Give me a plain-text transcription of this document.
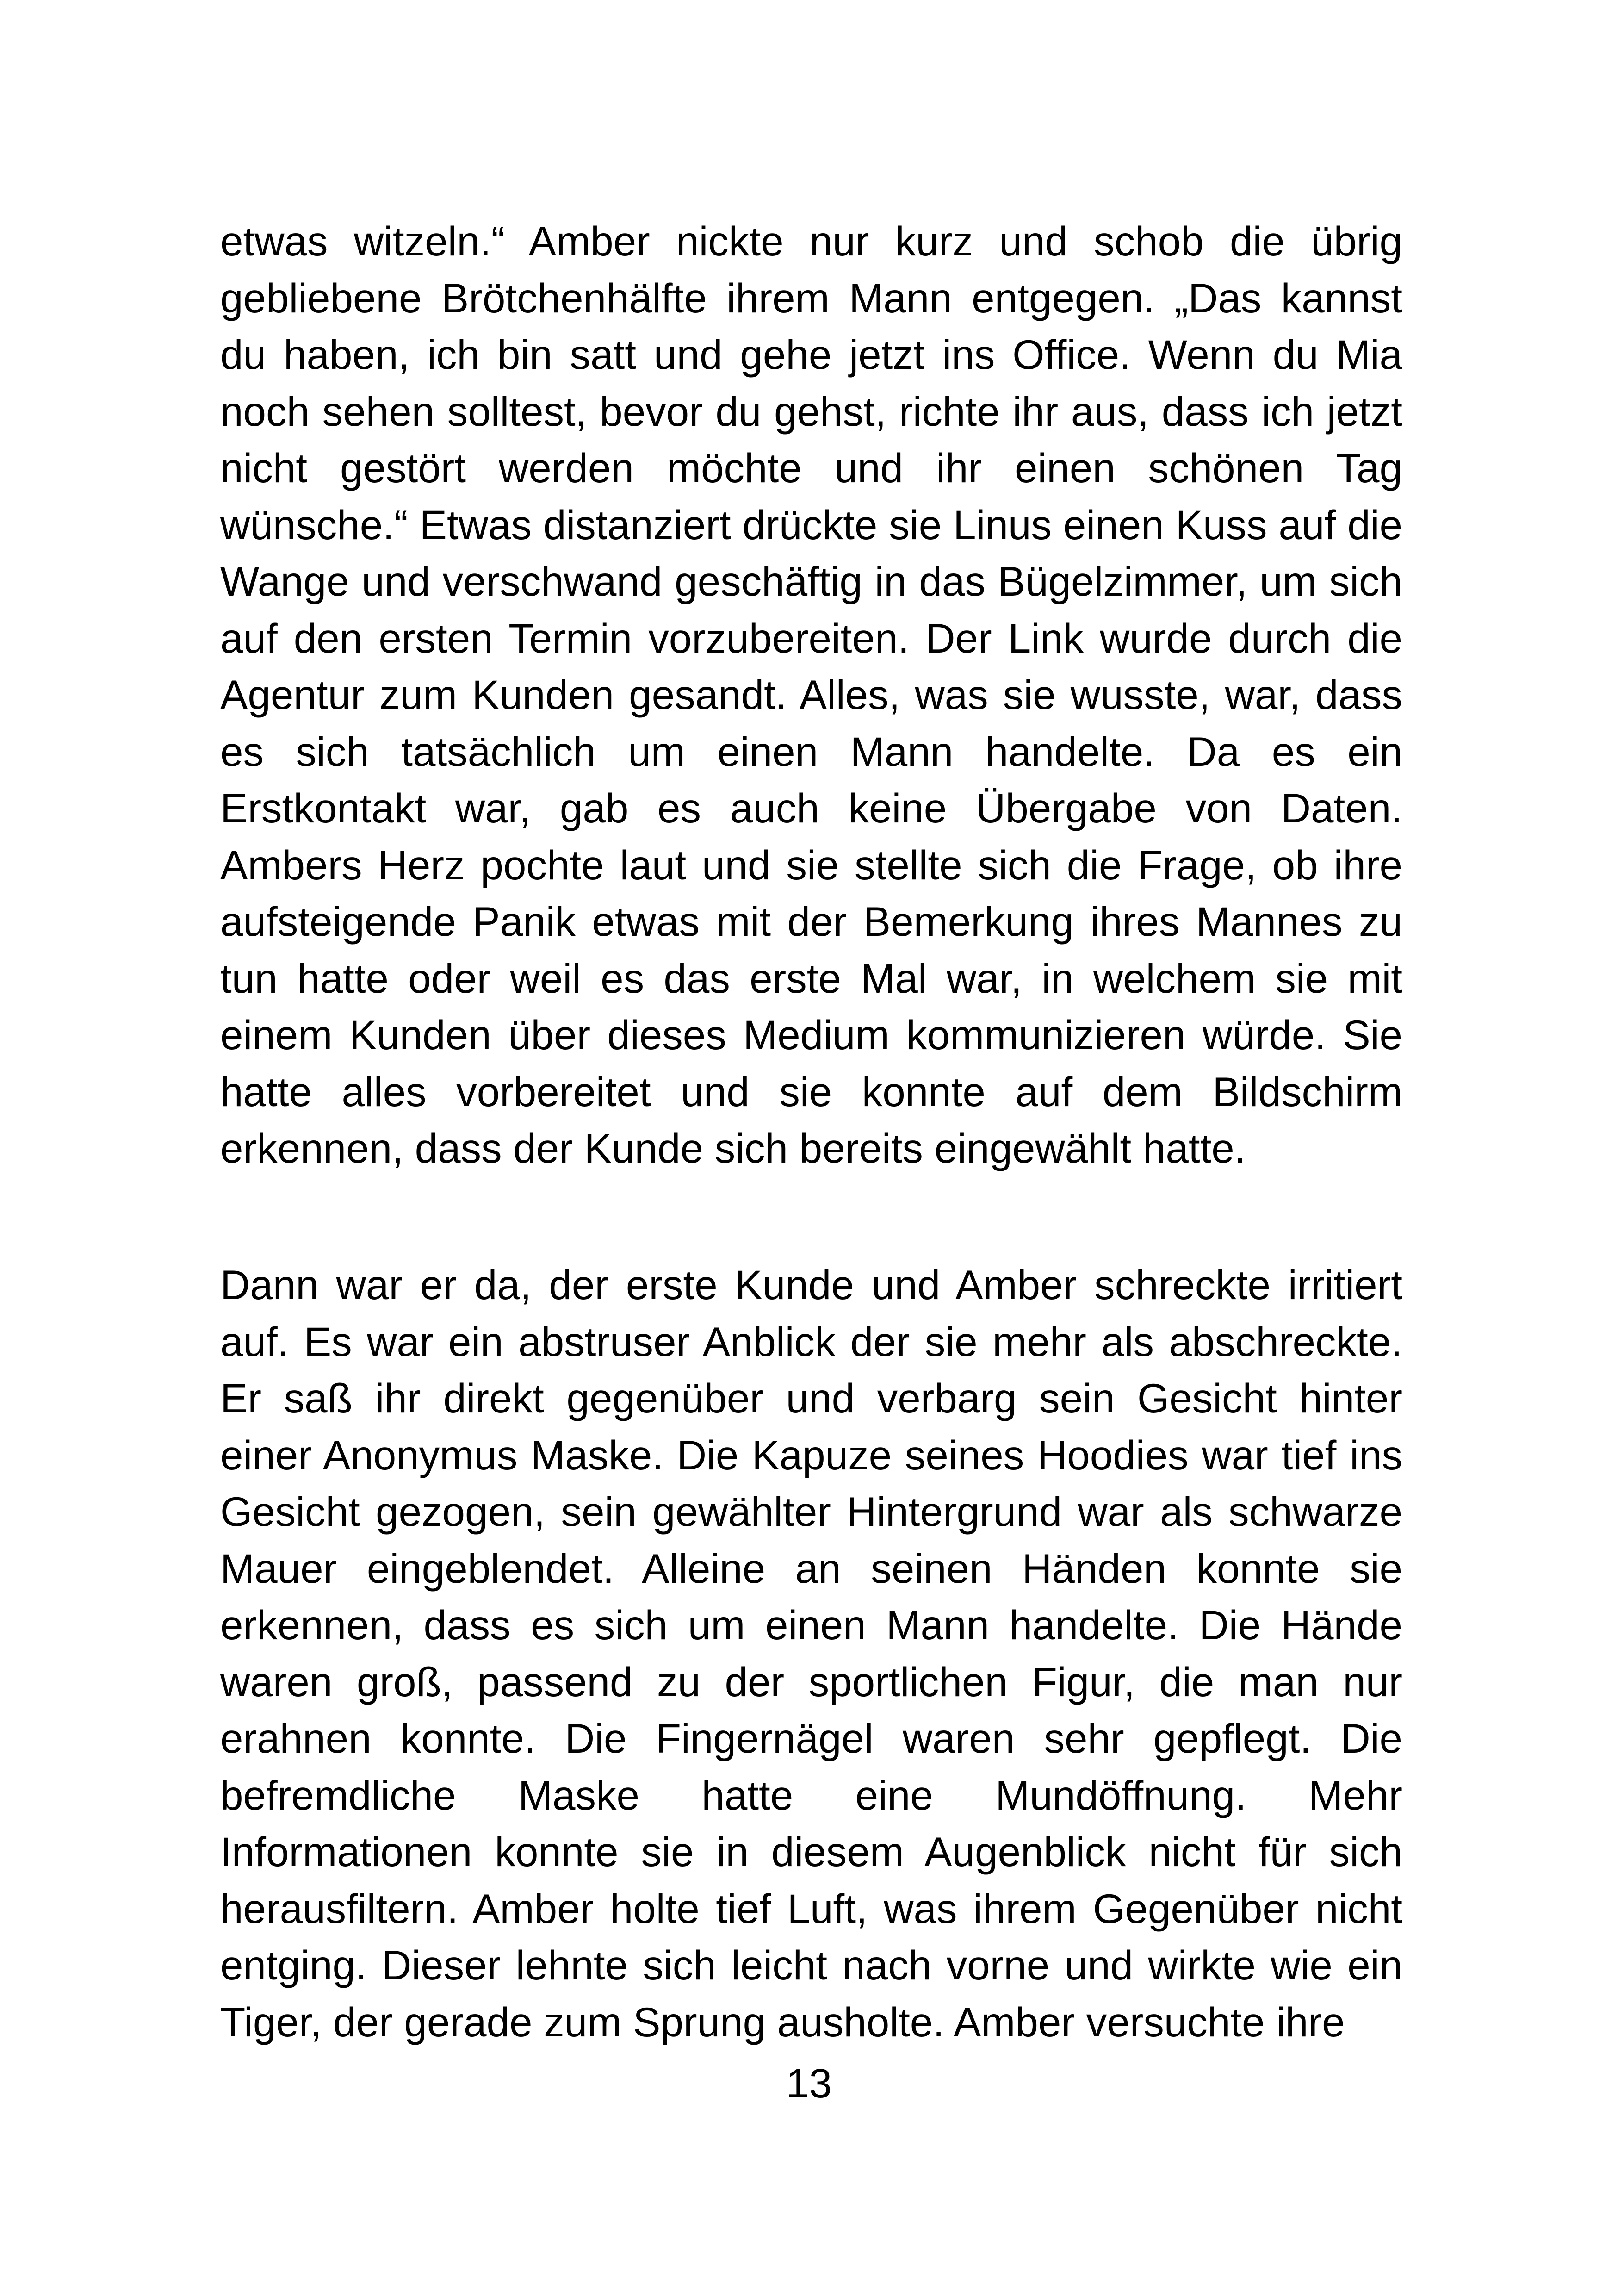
etwas witzeln.“ Amber nickte nur kurz und schob die übrig gebliebene Brötchenhälfte ihrem Mann entgegen. „Das kannst du haben, ich bin satt und gehe jetzt ins Office. Wenn du Mia noch sehen solltest, bevor du gehst, richte ihr aus, dass ich jetzt nicht gestört werden möchte und ihr einen schönen Tag wünsche.“ Etwas distanziert drückte sie Linus einen Kuss auf die Wange und verschwand geschäftig in das Bügelzimmer, um sich auf den ersten Termin vorzubereiten. Der Link wurde durch die Agentur zum Kunden gesandt. Alles, was sie wusste, war, dass es sich tatsächlich um einen Mann handelte. Da es ein Erstkontakt war, gab es auch keine Übergabe von Daten. Ambers Herz pochte laut und sie stellte sich die Frage, ob ihre aufsteigende Panik etwas mit der Bemerkung ihres Mannes zu tun hatte oder weil es das erste Mal war, in welchem sie mit einem Kunden über dieses Medium kommunizieren würde. Sie hatte alles vorbereitet und sie konnte auf dem Bildschirm erkennen, dass der Kunde sich bereits eingewählt hatte.

Dann war er da, der erste Kunde und Amber schreckte irritiert auf. Es war ein abstruser Anblick der sie mehr als abschreckte. Er saß ihr direkt gegenüber und verbarg sein Gesicht hinter einer Anonymus Maske. Die Kapuze seines Hoodies war tief ins Gesicht gezogen, sein gewählter Hintergrund war als schwarze Mauer eingeblendet. Alleine an seinen Händen konnte sie erkennen, dass es sich um einen Mann handelte. Die Hände waren groß, passend zu der sportlichen Figur, die man nur erahnen konnte. Die Fingernägel waren sehr gepflegt. Die befremdliche Maske hatte eine Mundöffnung. Mehr Informationen konnte sie in diesem Augenblick nicht für sich herausfiltern. Amber holte tief Luft, was ihrem Gegenüber nicht entging. Dieser lehnte sich leicht nach vorne und wirkte wie ein Tiger, der gerade zum Sprung ausholte. Amber versuchte ihre

13
